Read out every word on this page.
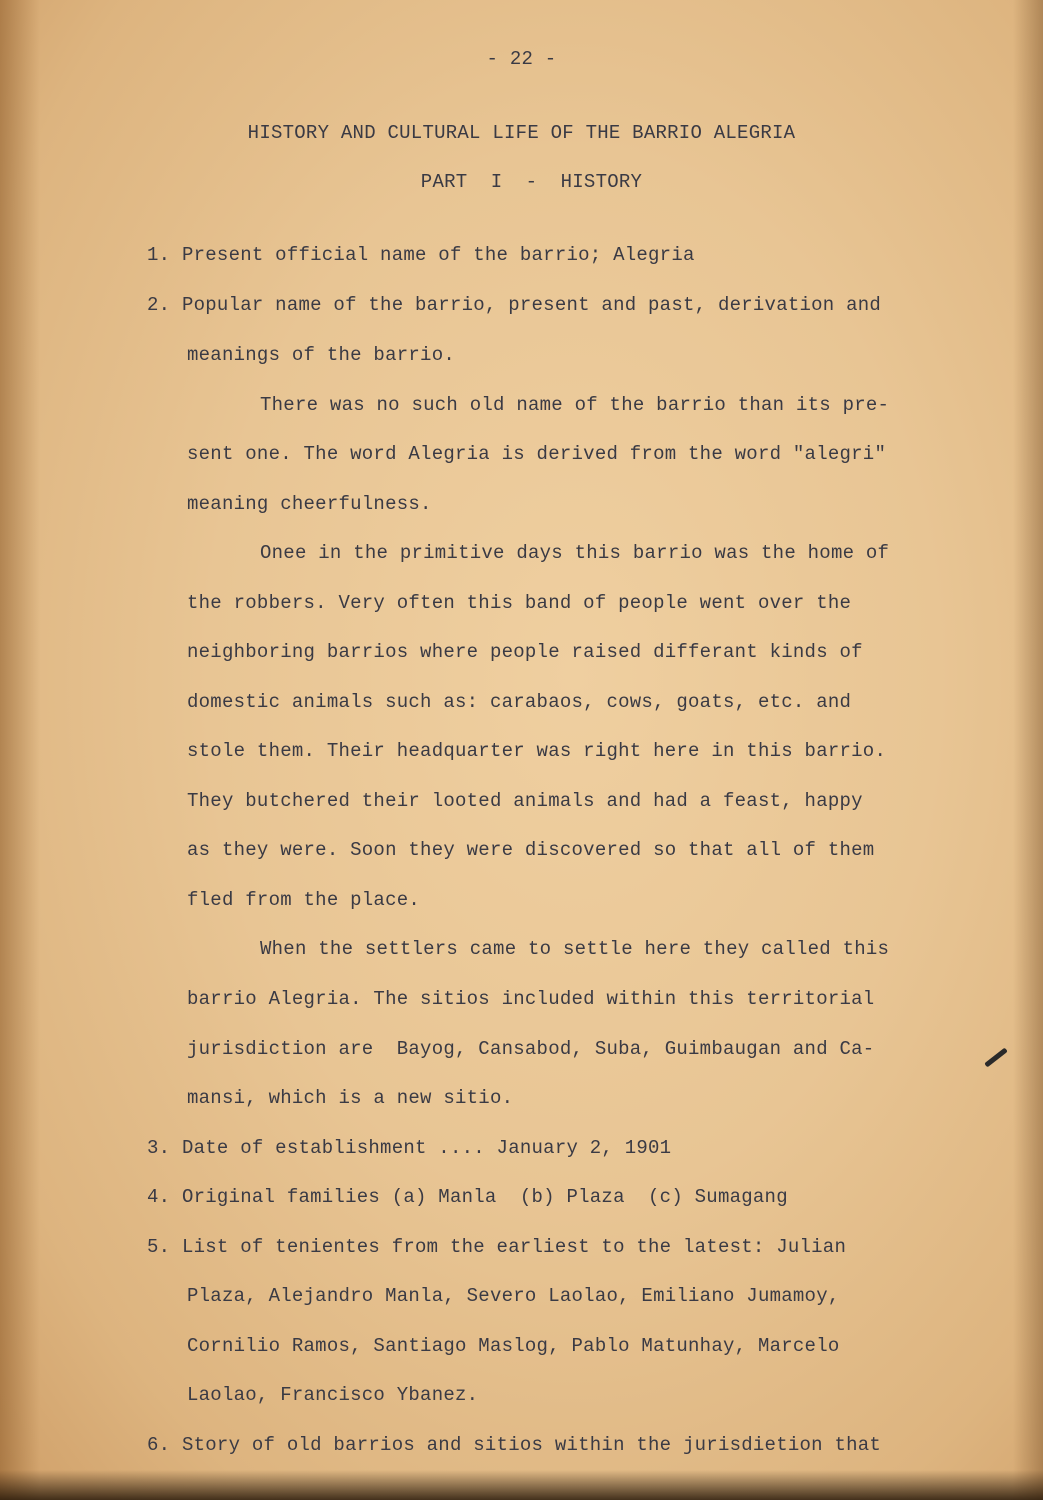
- 22 -
HISTORY AND CULTURAL LIFE OF THE BARRIO ALEGRIA
PART  I  -  HISTORY
1. Present official name of the barrio; Alegria
2. Popular name of the barrio, present and past, derivation and
meanings of the barrio.
There was no such old name of the barrio than its pre-
sent one. The word Alegria is derived from the word "alegri"
meaning cheerfulness.
Onee in the primitive days this barrio was the home of
the robbers. Very often this band of people went over the
neighboring barrios where people raised differant kinds of
domestic animals such as: carabaos, cows, goats, etc. and
stole them. Their headquarter was right here in this barrio.
They butchered their looted animals and had a feast, happy
as they were. Soon they were discovered so that all of them
fled from the place.
When the settlers came to settle here they called this
barrio Alegria. The sitios included within this territorial
jurisdiction are  Bayog, Cansabod, Suba, Guimbaugan and Ca-
mansi, which is a new sitio.
3. Date of establishment .... January 2, 1901
4. Original families (a) Manla  (b) Plaza  (c) Sumagang
5. List of tenientes from the earliest to the latest: Julian
Plaza, Alejandro Manla, Severo Laolao, Emiliano Jumamoy,
Cornilio Ramos, Santiago Maslog, Pablo Matunhay, Marcelo
Laolao, Francisco Ybanez.
6. Story of old barrios and sitios within the jurisdietion that
